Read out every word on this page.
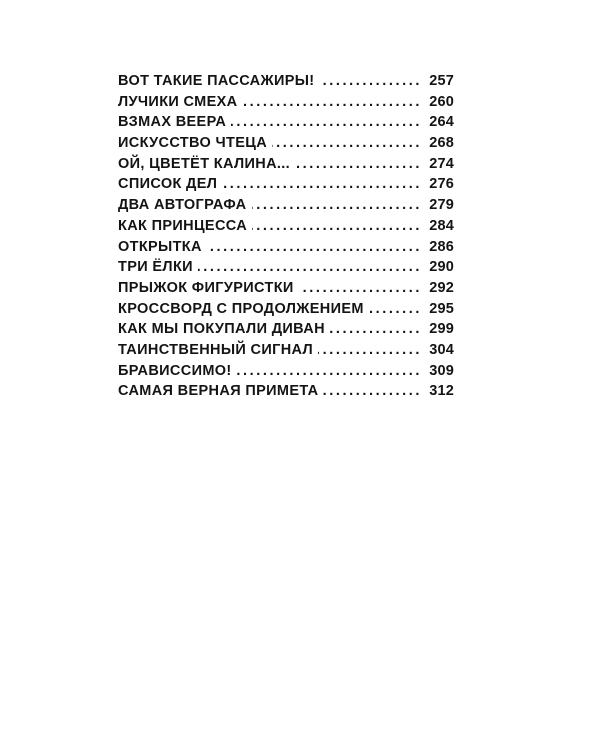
ВОТ ТАКИЕ ПАССАЖИРЫ! .....	257
ЛУЧИКИ СМЕХА .....	260
ВЗМАХ ВЕЕРА .....	264
ИСКУССТВО ЧТЕЦА .....	268
ОЙ, ЦВЕТЁТ КАЛИНА... .....	274
СПИСОК ДЕЛ .....	276
ДВА АВТОГРАФА .....	279
КАК ПРИНЦЕССА .....	284
ОТКРЫТКА .....	286
ТРИ ЁЛКИ .....	290
ПРЫЖОК ФИГУРИСТКИ .....	292
КРОССВОРД С ПРОДОЛЖЕНИЕМ .....	295
КАК МЫ ПОКУПАЛИ ДИВАН .....	299
ТАИНСТВЕННЫЙ СИГНАЛ .....	304
БРАВИССИМО! .....	309
САМАЯ ВЕРНАЯ ПРИМЕТА .....	312
